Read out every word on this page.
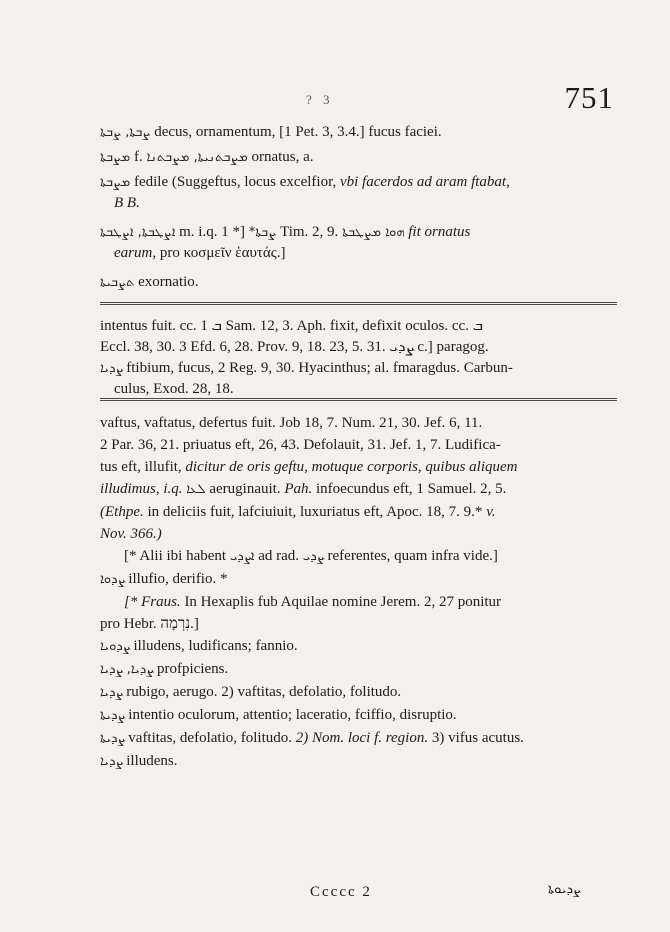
? 3	751
ܨܒܬܐ, ܨܒܬܐ decus, ornamentum, [1 Pet. 3, 3.4.] fucus faciei.
ܡܨܒܬܐ f. ܡܨܒܬܢܝܬܐ, ܡܨܒܬܢܐ ornatus, a.
ܡܨܒܬܐ fedile (Suggeftus, locus excelfior, vbi facerdos ad aram ftabat,
B B.
ܐܨܛܒܬܐ, ܐܨܛܒܬܐ m. i.q. ܨܒܬܐ* [* 1 Tim. 2, 9. ܗܘܐ ܡܨܛܒܬܐ fit ornatus
earum, pro κοσμεῖν ἑαυτάς.]
ܬܨܒܝܬܐ exornatio.
intentus fuit. cc. ܒ 1 Sam. 12, 3. Aph. fixit, defixit oculos. cc. ܒ
Eccl. 38, 30. 3 Efd. 6, 28. Prov. 9, 18. 23, 5. 31. ܨܕܝ c.] paragog.
ܨܕܝܐ ftibium, fucus, 2 Reg. 9, 30. Hyacinthus; al. fmaragdus. Carbun-

culus, Exod. 28, 18.
vaftus, vaftatus, defertus fuit. Job 18, 7. Num. 21, 30. Jef. 6, 11.
2 Par. 36, 21. priuatus eft, 26, 43. Defolauit, 31. Jef. 1, 7. Ludifica-
tus eft, illufit, dicitur de oris geftu, motuque corporis, quibus aliquem
illudimus, i.q. ܠܥܐ aeruginauit. Pah. infoecundus eft, 1 Samuel. 2, 5.
(Ethpe. in deliciis fuit, lafciuiuit, luxuriatus eft, Apoc. 18, 7. 9.* v.
Nov. 366.)
[* Alii ibi habent ܐܨܕܝ ad rad. ܨܕܝ referentes, quam infra vide.]
ܨܕܘܐ illufio, derifio. *
[* Fraus. In Hexaplis fub Aquilae nomine Jerem. 2, 27 ponitur
pro Hebr. נִרְמָה.]
ܨܕܘܝܐ illudens, ludificans; fannio.
ܨܕܝܐ, ܨܕܝܐ profpiciens.
ܨܕܝܐ rubigo, aerugo. 2) vaftitas, defolatio, folitudo.
ܨܕܝܬܐ intentio oculorum, attentio; laceratio, fciffio, disruptio.
ܨܕܝܬܐ vaftitas, defolatio, folitudo. 2) Nom. loci f. region. 3) vifus acutus.
ܨܕܝܐ illudens.
Ccccc 2	ܨܕܝܘܬܐ
